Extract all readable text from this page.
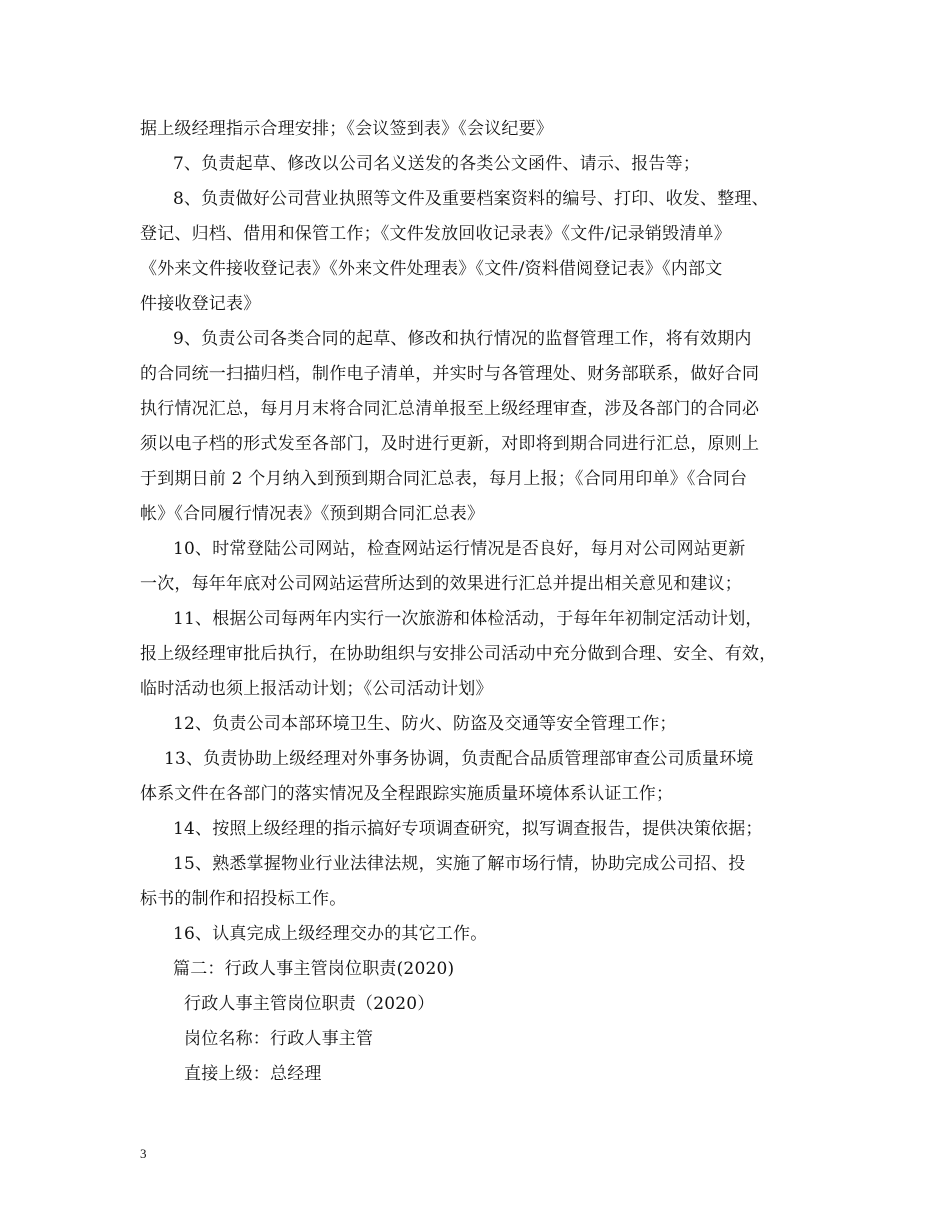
据上级经理指示合理安排；《会议签到表》《会议纪要》
7、负责起草、修改以公司名义送发的各类公文函件、请示、报告等；
8、负责做好公司营业执照等文件及重要档案资料的编号、打印、收发、整理、
登记、归档、借用和保管工作；《文件发放回收记录表》《文件/记录销毁清单》
《外来文件接收登记表》《外来文件处理表》《文件/资料借阅登记表》《内部文
件接收登记表》
9、负责公司各类合同的起草、修改和执行情况的监督管理工作，将有效期内
的合同统一扫描归档，制作电子清单，并实时与各管理处、财务部联系，做好合同
执行情况汇总，每月月末将合同汇总清单报至上级经理审查，涉及各部门的合同必
须以电子档的形式发至各部门，及时进行更新，对即将到期合同进行汇总，原则上
于到期日前 2 个月纳入到预到期合同汇总表，每月上报；《合同用印单》《合同台
帐》《合同履行情况表》《预到期合同汇总表》
10、时常登陆公司网站，检查网站运行情况是否良好，每月对公司网站更新
一次，每年年底对公司网站运营所达到的效果进行汇总并提出相关意见和建议；
11、根据公司每两年内实行一次旅游和体检活动，于每年年初制定活动计划，
报上级经理审批后执行，在协助组织与安排公司活动中充分做到合理、安全、有效，
临时活动也须上报活动计划；《公司活动计划》
12、负责公司本部环境卫生、防火、防盗及交通等安全管理工作；
13、负责协助上级经理对外事务协调，负责配合品质管理部审查公司质量环境
体系文件在各部门的落实情况及全程跟踪实施质量环境体系认证工作；
14、按照上级经理的指示搞好专项调查研究，拟写调查报告，提供决策依据；
15、熟悉掌握物业行业法律法规，实施了解市场行情，协助完成公司招、投
标书的制作和招投标工作。
16、认真完成上级经理交办的其它工作。
篇二：行政人事主管岗位职责(2020)
行政人事主管岗位职责（2020）
岗位名称：行政人事主管
直接上级：总经理
3
